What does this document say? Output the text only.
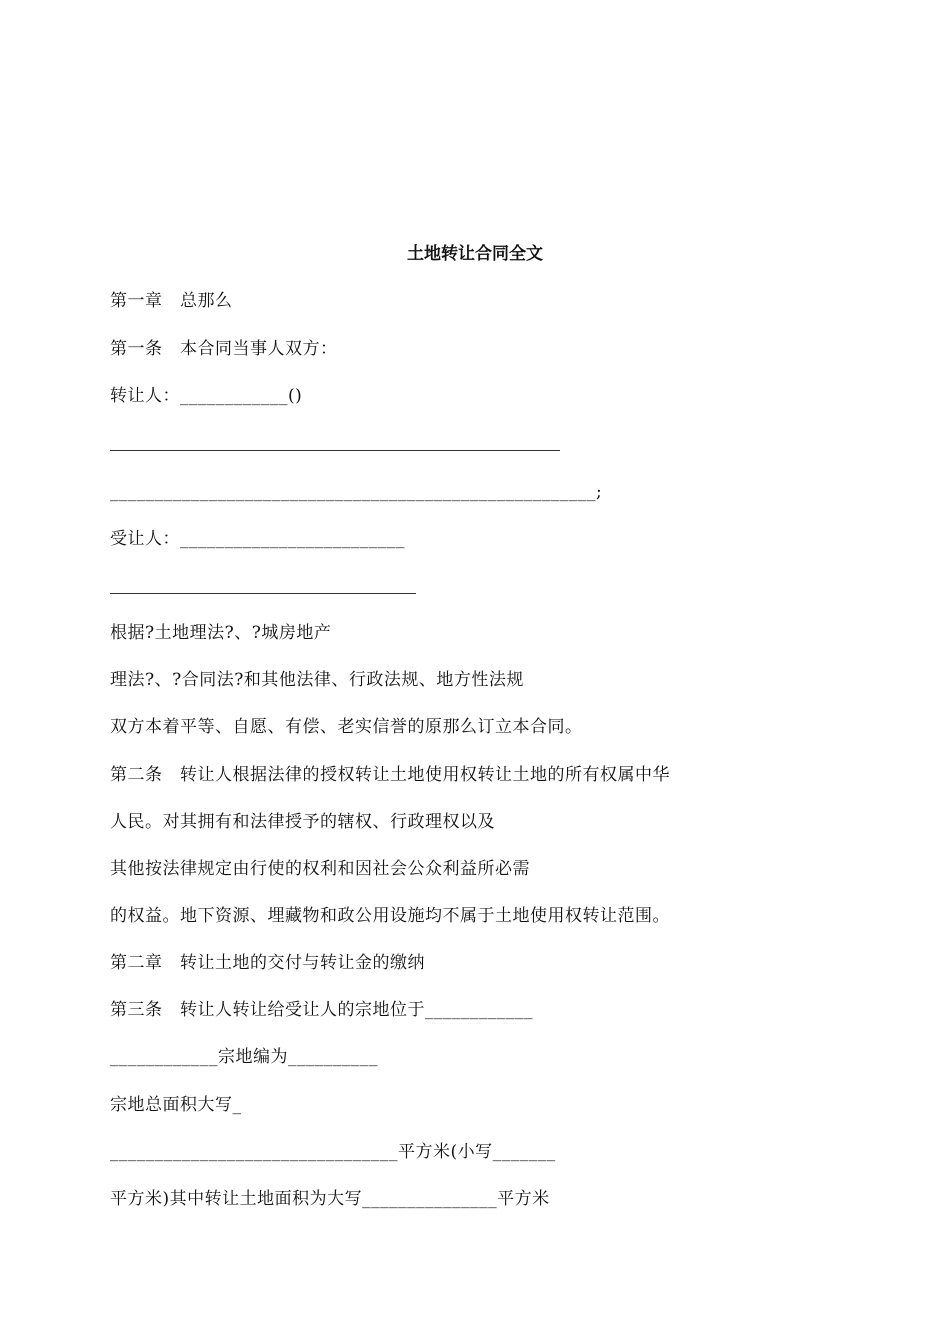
土地转让合同全文
第一章　总那么
第一条　本合同当事人双方：
转让人：____________()
______________________________________________________;
受让人：_________________________
根据?土地理法?、?城房地产
理法?、?合同法?和其他法律、行政法规、地方性法规
双方本着平等、自愿、有偿、老实信誉的原那么订立本合同。
第二条　转让人根据法律的授权转让土地使用权转让土地的所有权属中华
人民。对其拥有和法律授予的辖权、行政理权以及
其他按法律规定由行使的权利和因社会公众利益所必需
的权益。地下资源、埋藏物和政公用设施均不属于土地使用权转让范围。
第二章　转让土地的交付与转让金的缴纳
第三条　转让人转让给受让人的宗地位于____________
____________宗地编为__________
宗地总面积大写_
________________________________平方米(小写_______
平方米)其中转让土地面积为大写_______________平方米
